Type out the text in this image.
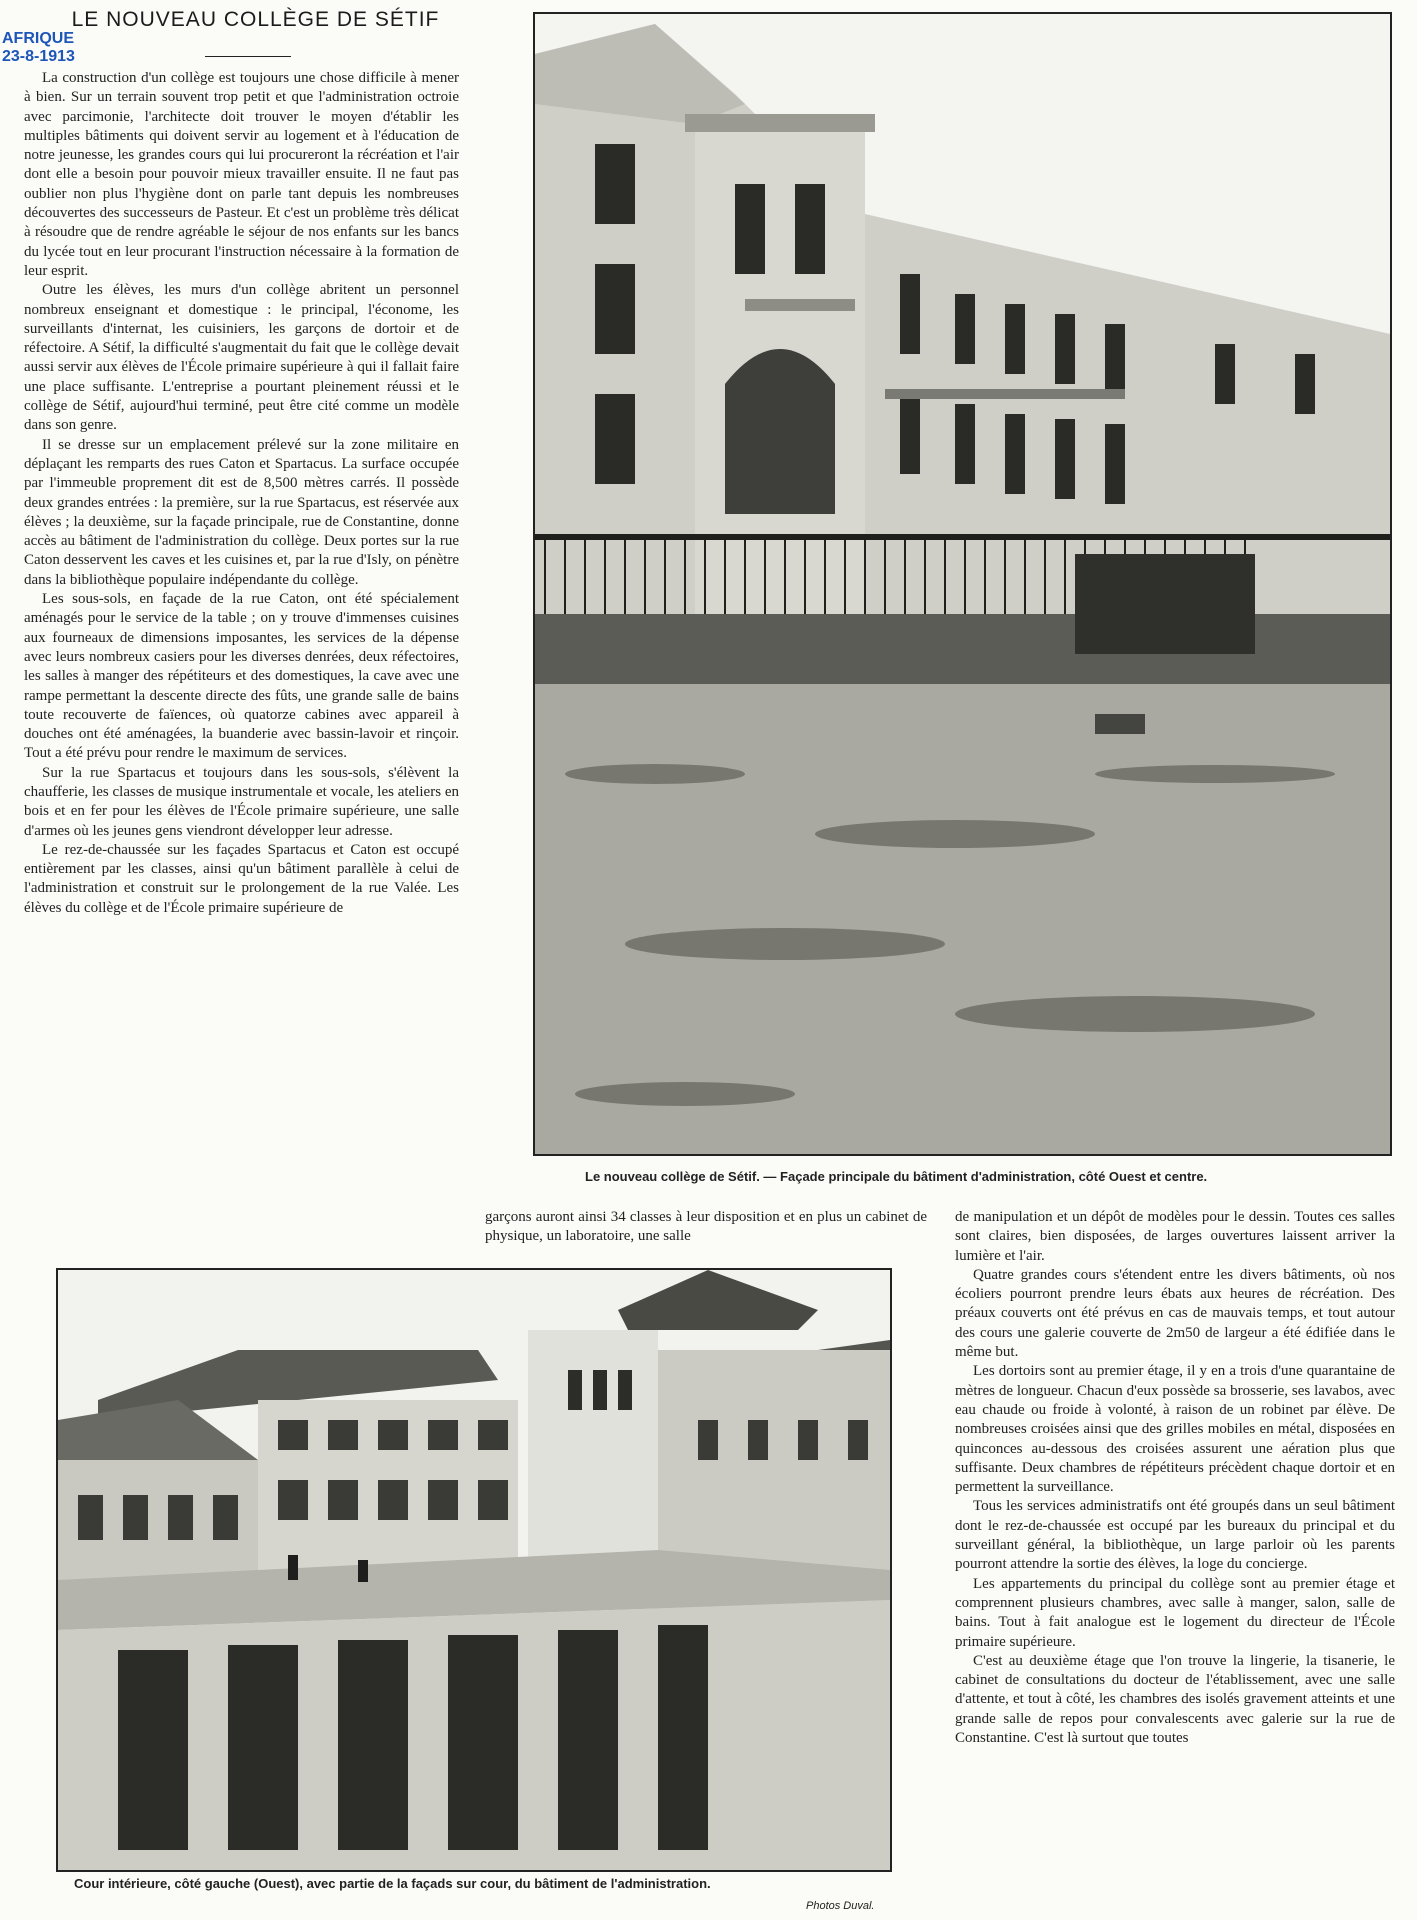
AFRIQUE
23-8-1913
LE NOUVEAU COLLÈGE DE SÉTIF

La construction d'un collège est toujours une chose difficile à mener à bien. Sur un terrain souvent trop petit et que l'administration octroie avec parcimonie, l'architecte doit trouver le moyen d'établir les multiples bâtiments qui doivent servir au logement et à l'éducation de notre jeunesse, les grandes cours qui lui procureront la récréation et l'air dont elle a besoin pour pouvoir mieux travailler ensuite. Il ne faut pas oublier non plus l'hygiène dont on parle tant depuis les nombreuses découvertes des successeurs de Pasteur. Et c'est un problème très délicat à résoudre que de rendre agréable le séjour de nos enfants sur les bancs du lycée tout en leur procurant l'instruction nécessaire à la formation de leur esprit.

Outre les élèves, les murs d'un collège abritent un personnel nombreux enseignant et domestique : le principal, l'économe, les surveillants d'internat, les cuisiniers, les garçons de dortoir et de réfectoire. A Sétif, la difficulté s'augmentait du fait que le collège devait aussi servir aux élèves de l'École primaire supérieure à qui il fallait faire une place suffisante. L'entreprise a pourtant pleinement réussi et le collège de Sétif, aujourd'hui terminé, peut être cité comme un modèle dans son genre.

Il se dresse sur un emplacement prélevé sur la zone militaire en déplaçant les remparts des rues Caton et Spartacus. La surface occupée par l'immeuble proprement dit est de 8,500 mètres carrés. Il possède deux grandes entrées : la première, sur la rue Spartacus, est réservée aux élèves ; la deuxième, sur la façade principale, rue de Constantine, donne accès au bâtiment de l'administration du collège. Deux portes sur la rue Caton desservent les caves et les cuisines et, par la rue d'Isly, on pénètre dans la bibliothèque populaire indépendante du collège.

Les sous-sols, en façade de la rue Caton, ont été spécialement aménagés pour le service de la table ; on y trouve d'immenses cuisines aux fourneaux de dimensions imposantes, les services de la dépense avec leurs nombreux casiers pour les diverses denrées, deux réfectoires, les salles à manger des répétiteurs et des domestiques, la cave avec une rampe permettant la descente directe des fûts, une grande salle de bains toute recouverte de faïences, où quatorze cabines avec appareil à douches ont été aménagées, la buanderie avec bassin-lavoir et rinçoir. Tout a été prévu pour rendre le maximum de services.

Sur la rue Spartacus et toujours dans les sous-sols, s'élèvent la chaufferie, les classes de musique instrumentale et vocale, les ateliers en bois et en fer pour les élèves de l'École primaire supérieure, une salle d'armes où les jeunes gens viendront développer leur adresse.

Le rez-de-chaussée sur les façades Spartacus et Caton est occupé entièrement par les classes, ainsi qu'un bâtiment parallèle à celui de l'administration et construit sur le prolongement de la rue Valée. Les élèves du collège et de l'École primaire supérieure de

Le nouveau collège de Sétif. — Façade principale du bâtiment d'administration, côté Ouest et centre.

garçons auront ainsi 34 classes à leur disposition et en plus un cabinet de physique, un laboratoire, une salle

de manipulation et un dépôt de modèles pour le dessin. Toutes ces salles sont claires, bien disposées, de larges ouvertures laissent arriver la lumière et l'air.

Quatre grandes cours s'étendent entre les divers bâtiments, où nos écoliers pourront prendre leurs ébats aux heures de récréation. Des préaux couverts ont été prévus en cas de mauvais temps, et tout autour des cours une galerie couverte de 2m50 de largeur a été édifiée dans le même but.

Les dortoirs sont au premier étage, il y en a trois d'une quarantaine de mètres de longueur. Chacun d'eux possède sa brosserie, ses lavabos, avec eau chaude ou froide à volonté, à raison de un robinet par élève. De nombreuses croisées ainsi que des grilles mobiles en métal, disposées en quinconces au-dessous des croisées assurent une aération plus que suffisante. Deux chambres de répétiteurs précèdent chaque dortoir et en permettent la surveillance.

Tous les services administratifs ont été groupés dans un seul bâtiment dont le rez-de-chaussée est occupé par les bureaux du principal et du surveillant général, la bibliothèque, un large parloir où les parents pourront attendre la sortie des élèves, la loge du concierge.

Les appartements du principal du collège sont au premier étage et comprennent plusieurs chambres, avec salle à manger, salon, salle de bains. Tout à fait analogue est le logement du directeur de l'École primaire supérieure.

C'est au deuxième étage que l'on trouve la lingerie, la tisanerie, le cabinet de consultations du docteur de l'établissement, avec une salle d'attente, et tout à côté, les chambres des isolés gravement atteints et une grande salle de repos pour convalescents avec galerie sur la rue de Constantine. C'est là surtout que toutes

Cour intérieure, côté gauche (Ouest), avec partie de la façads sur cour, du bâtiment de l'administration.
Photos Duval.
